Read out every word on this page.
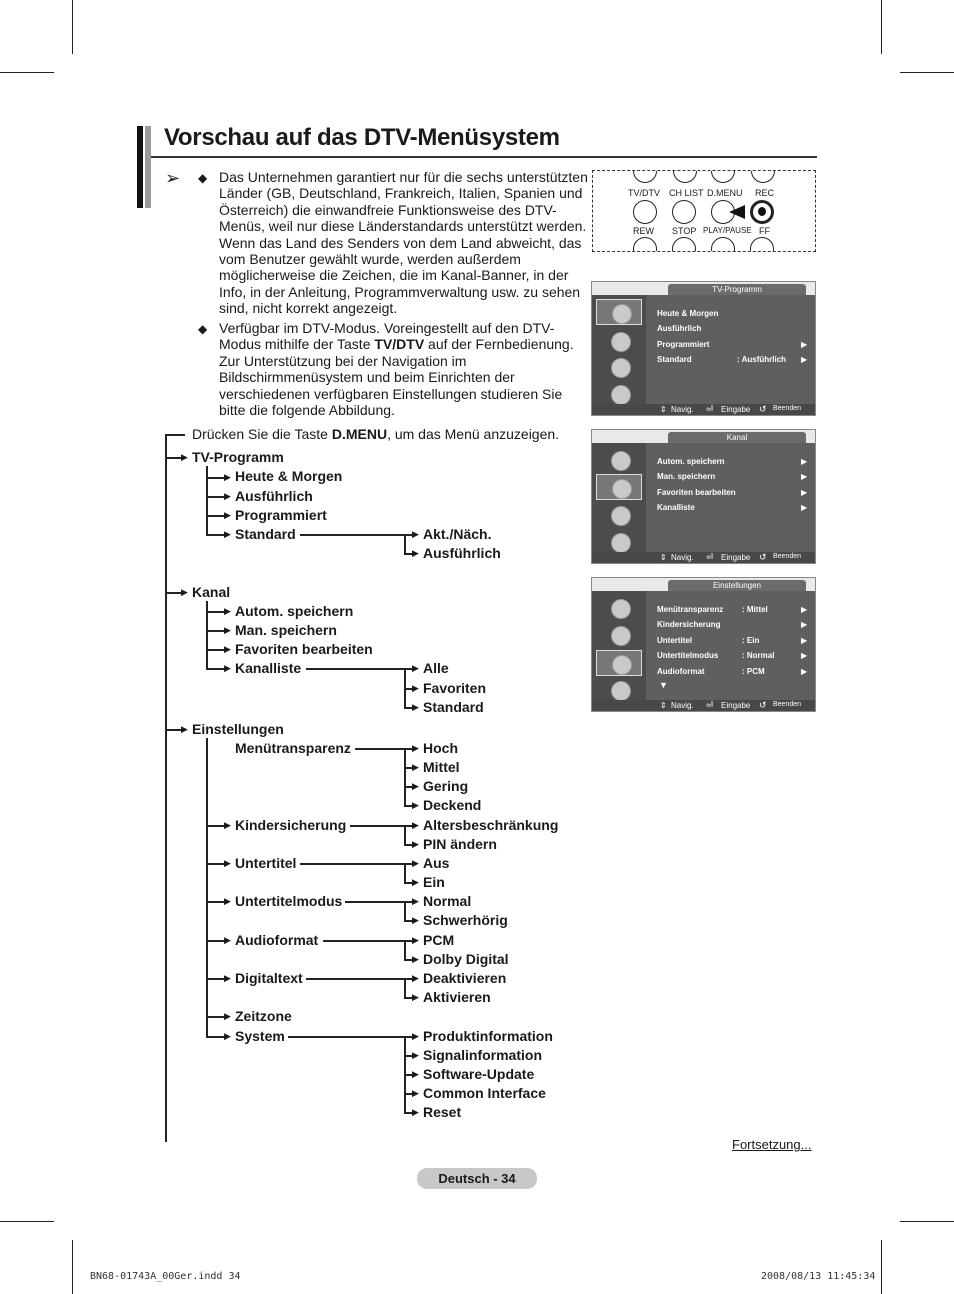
Vorschau auf das DTV-Menüsystem
➢ ◆ Das Unternehmen garantiert nur für die sechs unterstützten Länder (GB, Deutschland, Frankreich, Italien, Spanien und Österreich) die einwandfreie Funktionsweise des DTV-Menüs, weil nur diese Länderstandards unterstützt werden. Wenn das Land des Senders von dem Land abweicht, das vom Benutzer gewählt wurde, werden außerdem möglicherweise die Zeichen, die im Kanal-Banner, in der Info, in der Anleitung, Programmverwaltung usw. zu sehen sind, nicht korrekt angezeigt.
◆ Verfügbar im DTV-Modus. Voreingestellt auf den DTV-Modus mithilfe der Taste TV/DTV auf der Fernbedienung. Zur Unterstützung bei der Navigation im Bildschirmmenüsystem und beim Einrichten der verschiedenen verfügbaren Einstellungen studieren Sie bitte die folgende Abbildung.
TV/DTV CH LIST D.MENU REC
REW STOP PLAY/PAUSE FF
TV-Programm
Heute & Morgen
Ausführlich
Programmiert	▶
Standard	: Ausführlich ▶
⇕ Navig. ⏎ Eingabe ↺ Beenden
Kanal
Autom. speichern	▶
Man. speichern	▶
Favoriten bearbeiten	▶
Kanalliste	▶
⇕ Navig. ⏎ Eingabe ↺ Beenden
Einstellungen
Menütransparenz : Mittel	▶
Kindersicherung	▶
Untertitel	: Ein	▶
Untertitelmodus	: Normal	▶
Audioformat	: PCM	▶
▼
⇕ Navig. ⏎ Eingabe ↺ Beenden
Drücken Sie die Taste D.MENU, um das Menü anzuzeigen.
▶
▶
▶
TV-Programm
Kanal
Einstellungen
▶
▶
▶
▶
▶
▶
▶
▶
▶
▶
▶
▶
▶
▶
▶
Heute & Morgen
Ausführlich
Programmiert
Standard
Autom. speichern
Man. speichern
Favoriten bearbeiten
Kanalliste
Menütransparenz
Kindersicherung
Untertitel
Untertitelmodus
Audioformat
Digitaltext
Zeitzone
System
▶
▶
▶
▶
▶
▶
▶
▶
▶
▶
▶
▶
▶
▶
▶
▶
▶
▶
▶
▶
▶
▶
▶
▶
Akt./Näch.
Ausführlich
Alle
Favoriten
Standard
Hoch
Mittel
Gering
Deckend
Altersbeschränkung
PIN ändern
Aus
Ein
Normal
Schwerhörig
PCM
Dolby Digital
Deaktivieren
Aktivieren
Produktinformation
Signalinformation
Software-Update
Common Interface
Reset
Fortsetzung...
Deutsch - 34
BN68-01743A_00Ger.indd 34	2008/08/13 11:45:34
